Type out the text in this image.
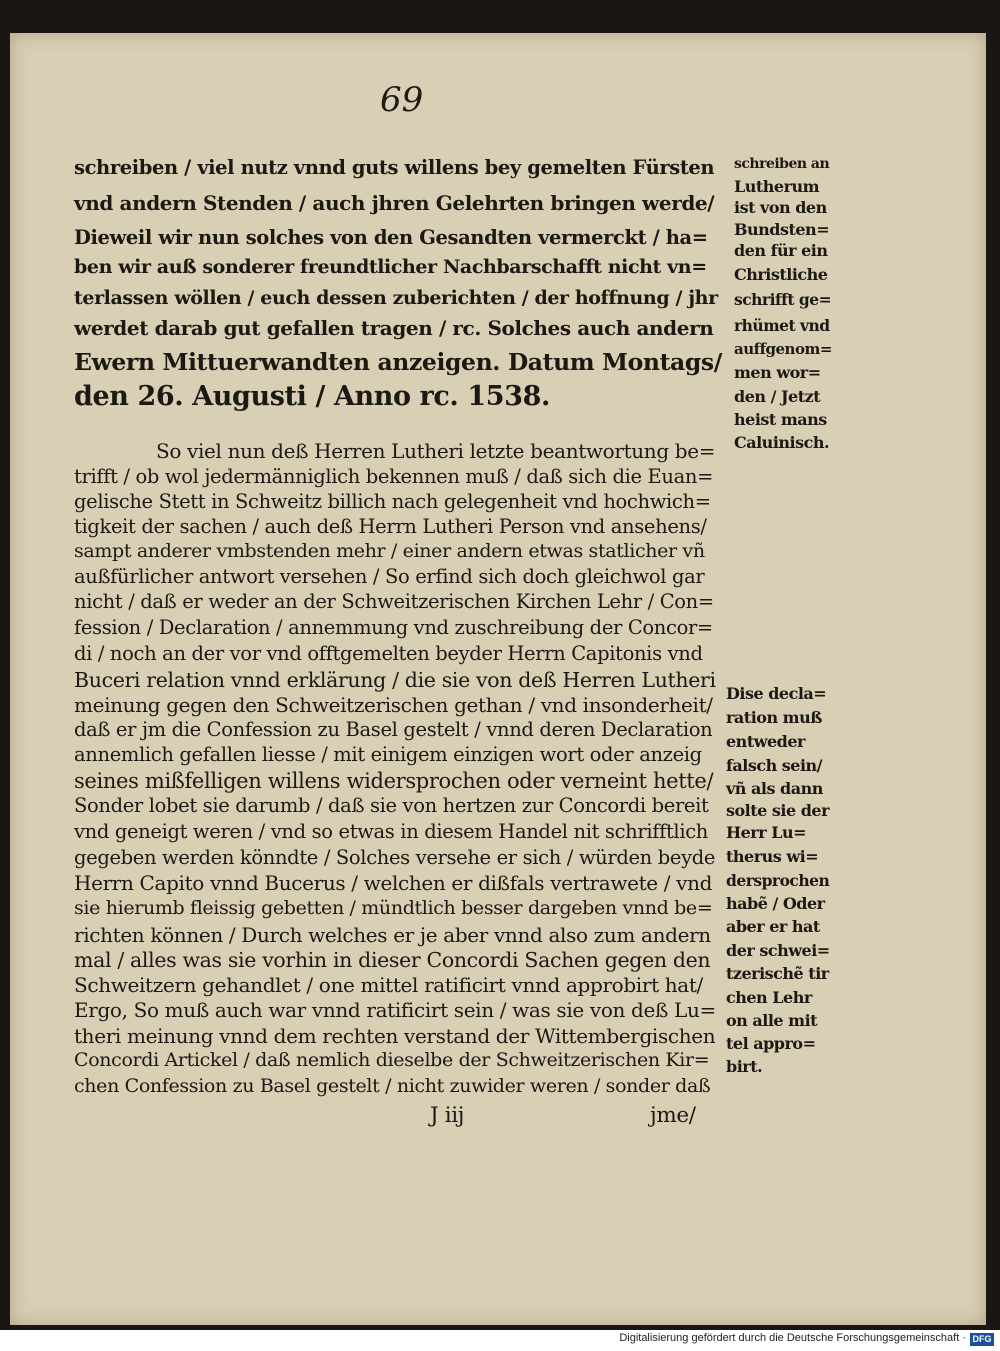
69

schreiben / viel nutz vnnd guts willens bey gemelten Fürsten

vnd andern Stenden / auch jhren Gelehrten bringen werde/

Dieweil wir nun solches von den Gesandten vermerckt / ha=

ben wir auß sonderer freundtlicher Nachbarschafft nicht vn=

terlassen wöllen / euch dessen zuberichten / der hoffnung / jhr

werdet darab gut gefallen tragen / rc. Solches auch andern

Ewern Mittuerwandten anzeigen. Datum Montags/

den 26. Augusti / Anno rc. 1538.

So viel nun deß Herren Lutheri letzte beantwortung be=

trifft / ob wol jedermänniglich bekennen muß / daß sich die Euan=

gelische Stett in Schweitz billich nach gelegenheit vnd hochwich=

tigkeit der sachen / auch deß Herrn Lutheri Person vnd ansehens/

sampt anderer vmbstenden mehr / einer andern etwas statlicher vñ

außfürlicher antwort versehen / So erfind sich doch gleichwol gar

nicht / daß er weder an der Schweitzerischen Kirchen Lehr / Con=

fession / Declaration / annemmung vnd zuschreibung der Concor=

di / noch an der vor vnd offtgemelten beyder Herrn Capitonis vnd

Buceri relation vnnd erklärung / die sie von deß Herren Lutheri

meinung gegen den Schweitzerischen gethan / vnd insonderheit/

daß er jm die Confession zu Basel gestelt / vnnd deren Declaration

annemlich gefallen liesse / mit einigem einzigen wort oder anzeig

seines mißfelligen willens widersprochen oder verneint hette/

Sonder lobet sie darumb / daß sie von hertzen zur Concordi bereit

vnd geneigt weren / vnd so etwas in diesem Handel nit schrifftlich

gegeben werden könndte / Solches versehe er sich / würden beyde

Herrn Capito vnnd Bucerus / welchen er dißfals vertrawete / vnd

sie hierumb fleissig gebetten / mündtlich besser dargeben vnnd be=

richten können / Durch welches er je aber vnnd also zum andern

mal / alles was sie vorhin in dieser Concordi Sachen gegen den

Schweitzern gehandlet / one mittel ratificirt vnnd approbirt hat/

Ergo, So muß auch war vnnd ratificirt sein / was sie von deß Lu=

theri meinung vnnd dem rechten verstand der Wittembergischen

Concordi Artickel / daß nemlich dieselbe der Schweitzerischen Kir=

chen Confession zu Basel gestelt / nicht zuwider weren / sonder daß

J iij	jme/

schreiben an

Lutherum

ist von den

Bundsten=

den für ein

Christliche

schrifft ge=

rhümet vnd

auffgenom=

men wor=

den / Jetzt

heist mans

Caluinisch.

Dise decla=

ration muß

entweder

falsch sein/

vñ als dann

solte sie der

Herr Lu=

therus wi=

dersprochen

habẽ / Oder

aber er hat

der schwei=

tzerischẽ tir

chen Lehr

on alle mit

tel appro=

birt.

Digitalisierung gefördert durch die Deutsche Forschungsgemeinschaft · DFG
